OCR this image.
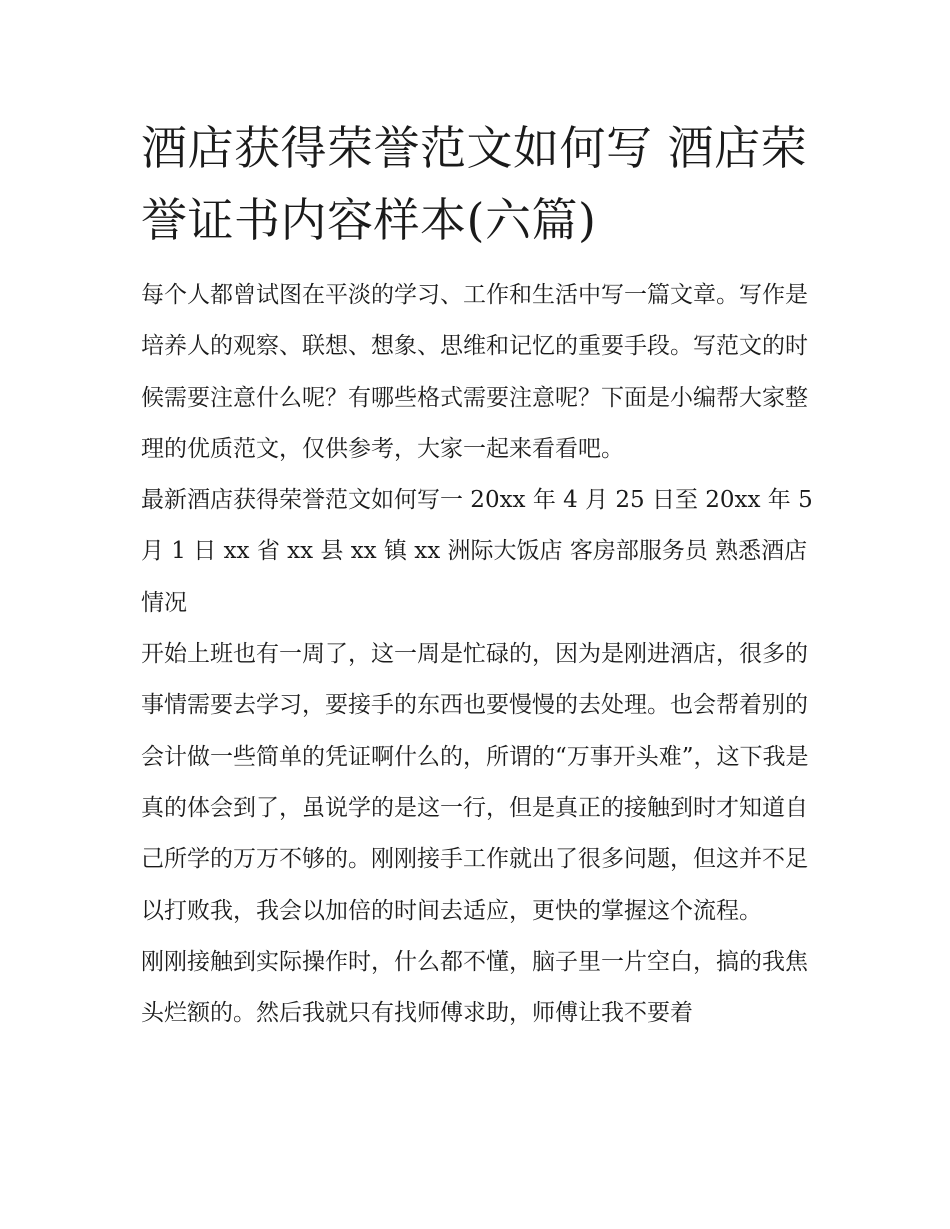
酒店获得荣誉范文如何写 酒店荣誉证书内容样本(六篇)

每个人都曾试图在平淡的学习、工作和生活中写一篇文章。写作是培养人的观察、联想、想象、思维和记忆的重要手段。写范文的时候需要注意什么呢？有哪些格式需要注意呢？下面是小编帮大家整理的优质范文，仅供参考，大家一起来看看吧。

最新酒店获得荣誉范文如何写一 20xx 年 4 月 25 日至 20xx 年 5 月 1 日 xx 省 xx 县 xx 镇 xx 洲际大饭店 客房部服务员 熟悉酒店情况

开始上班也有一周了，这一周是忙碌的，因为是刚进酒店，很多的事情需要去学习，要接手的东西也要慢慢的去处理。也会帮着别的会计做一些简单的凭证啊什么的，所谓的“万事开头难”，这下我是真的体会到了，虽说学的是这一行，但是真正的接触到时才知道自己所学的万万不够的。刚刚接手工作就出了很多问题，但这并不足以打败我，我会以加倍的时间去适应，更快的掌握这个流程。

刚刚接触到实际操作时，什么都不懂，脑子里一片空白，搞的我焦头烂额的。然后我就只有找师傅求助，师傅让我不要着
